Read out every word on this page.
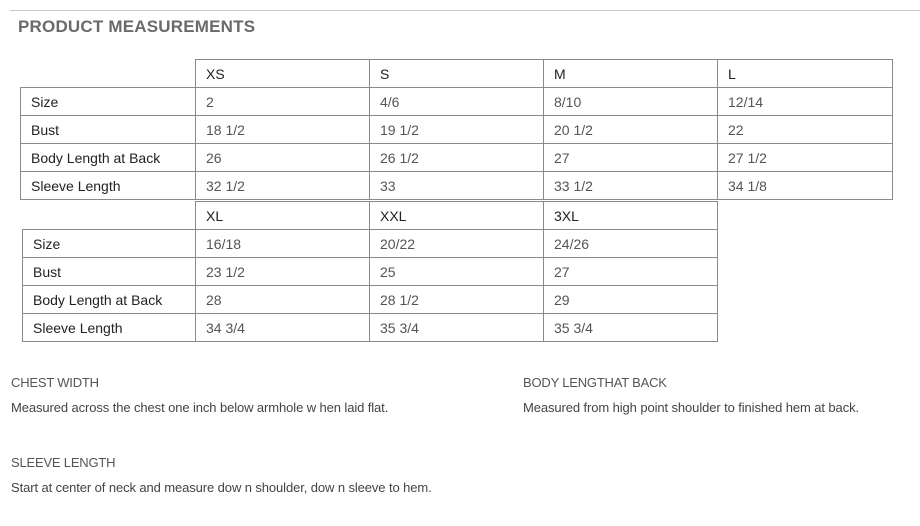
PRODUCT MEASUREMENTS
	XS	S	M	L
Size	2	4/6	8/10	12/14
Bust	18 1/2	19 1/2	20 1/2	22
Body Length at Back	26	26 1/2	27	27 1/2
Sleeve Length	32 1/2	33	33 1/2	34 1/8
	XL	XXL	3XL
Size	16/18	20/22	24/26
Bust	23 1/2	25	27
Body Length at Back	28	28 1/2	29
Sleeve Length	34 3/4	35 3/4	35 3/4
CHEST WIDTH
Measured across the chest one inch below armhole w hen laid flat.
BODY LENGTHAT BACK
Measured from high point shoulder to finished hem at back.
SLEEVE LENGTH
Start at center of neck and measure dow n shoulder, dow n sleeve to hem.
